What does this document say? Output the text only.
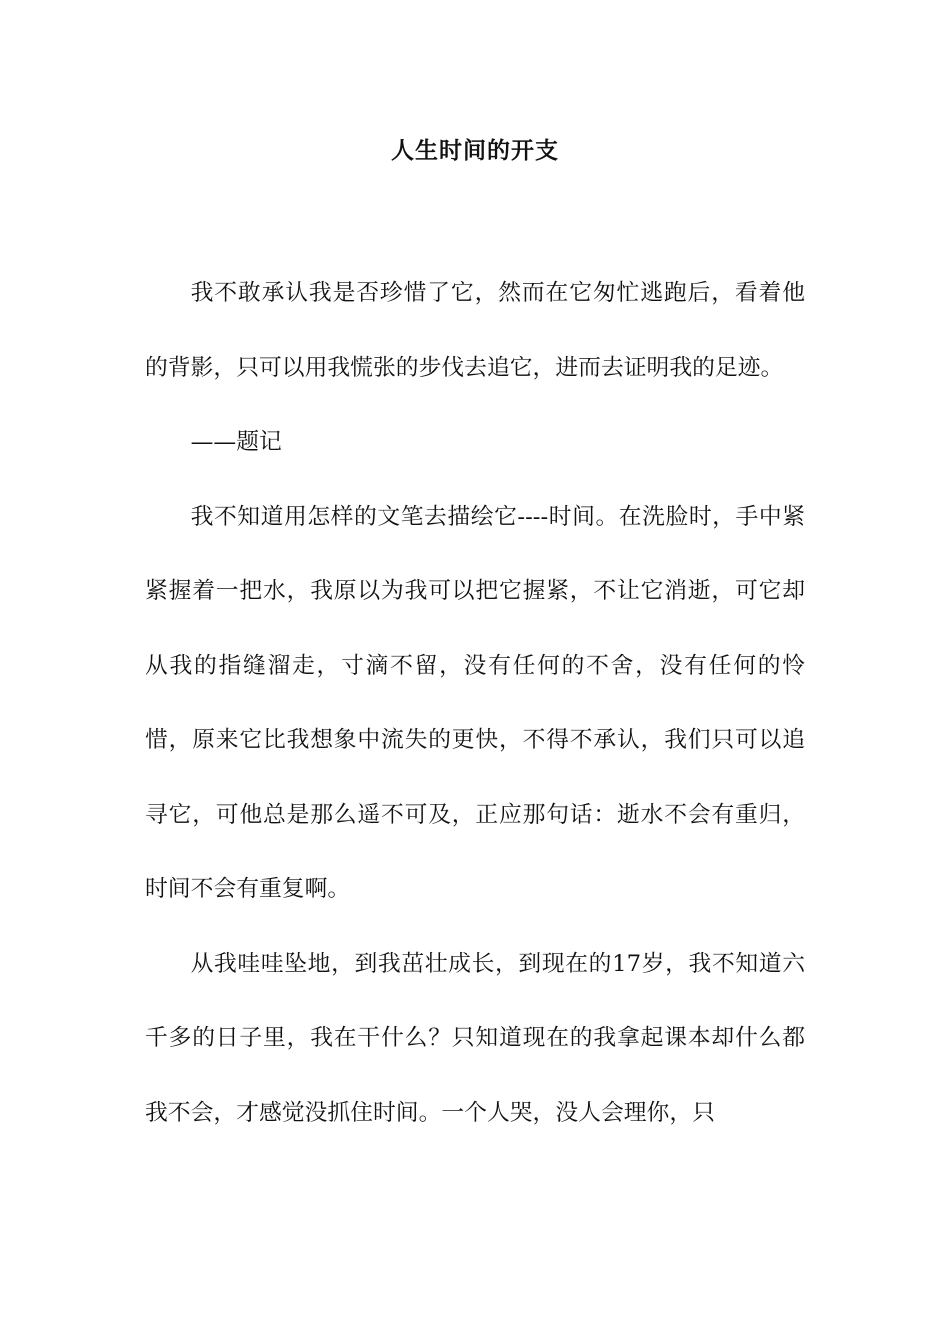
人生时间的开支

我不敢承认我是否珍惜了它，然而在它匆忙逃跑后，看着他的背影，只可以用我慌张的步伐去追它，进而去证明我的足迹。

——题记

我不知道用怎样的文笔去描绘它----时间。在洗脸时，手中紧紧握着一把水，我原以为我可以把它握紧，不让它消逝，可它却从我的指缝溜走，寸滴不留，没有任何的不舍，没有任何的怜惜，原来它比我想象中流失的更快，不得不承认，我们只可以追寻它，可他总是那么遥不可及，正应那句话：逝水不会有重归，时间不会有重复啊。

从我哇哇坠地，到我茁壮成长，到现在的17岁，我不知道六千多的日子里，我在干什么？只知道现在的我拿起课本却什么都我不会，才感觉没抓住时间。一个人哭，没人会理你，只
